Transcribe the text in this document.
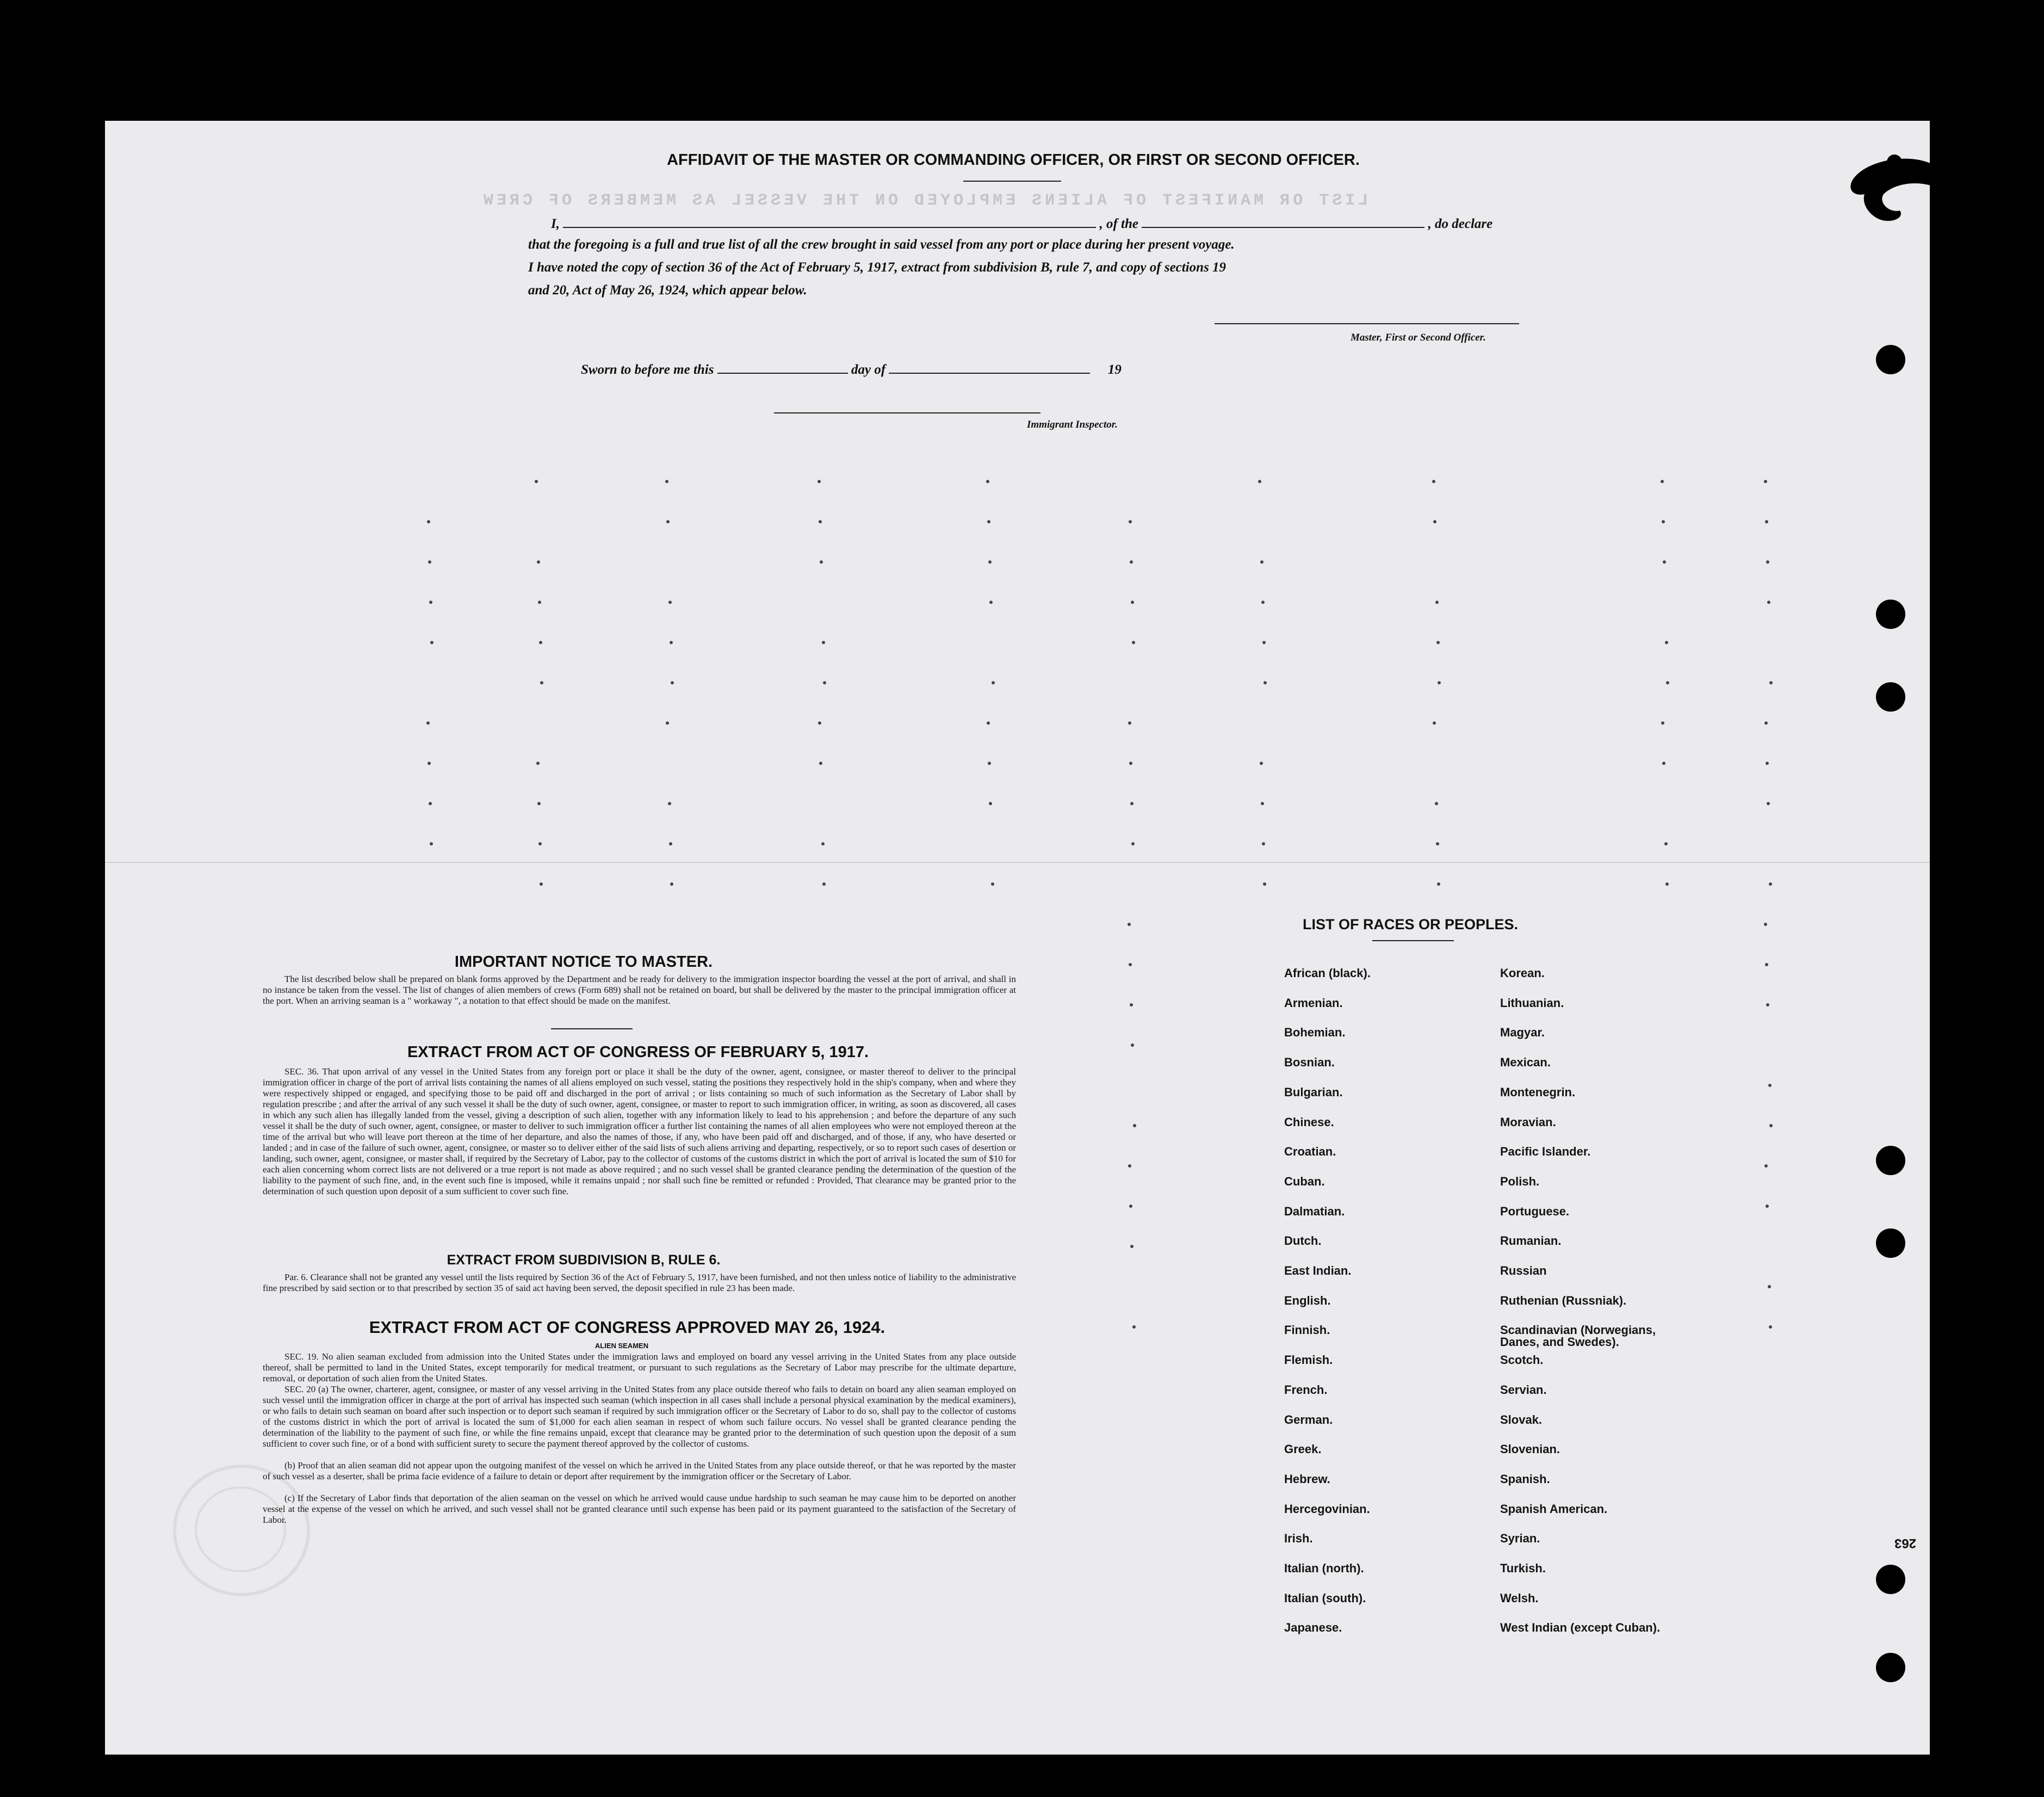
LIST OR MANIFEST OF ALIENS EMPLOYED ON THE VESSEL AS MEMBERS OF CREW
AFFIDAVIT OF THE MASTER OR COMMANDING OFFICER, OR FIRST OR SECOND OFFICER.
I,	, of the	, do declare
that the foregoing is a full and true list of all the crew brought in said vessel from any port or place during her present voyage.
I have noted the copy of section 36 of the Act of February 5, 1917, extract from subdivision B, rule 7, and copy of sections 19
and 20, Act of May 26, 1924, which appear below.
Master, First or Second Officer.
Sworn to before me this	day of	19
Immigrant Inspector.
IMPORTANT NOTICE TO MASTER.
The list described below shall be prepared on blank forms approved by the Department and be ready for delivery to the immigration inspector boarding the vessel at the port of arrival, and shall in no instance be taken from the vessel. The list of changes of alien members of crews (Form 689) shall not be retained on board, but shall be delivered by the master to the principal immigration officer at the port. When an arriving seaman is a " workaway ", a notation to that effect should be made on the manifest.
EXTRACT FROM ACT OF CONGRESS OF FEBRUARY 5, 1917.
SEC. 36. That upon arrival of any vessel in the United States from any foreign port or place it shall be the duty of the owner, agent, consignee, or master thereof to deliver to the principal immigration officer in charge of the port of arrival lists containing the names of all aliens employed on such vessel, stating the positions they respectively hold in the ship's company, when and where they were respectively shipped or engaged, and specifying those to be paid off and discharged in the port of arrival ; or lists containing so much of such information as the Secretary of Labor shall by regulation prescribe ; and after the arrival of any such vessel it shall be the duty of such owner, agent, consignee, or master to report to such immigration officer, in writing, as soon as discovered, all cases in which any such alien has illegally landed from the vessel, giving a description of such alien, together with any information likely to lead to his apprehension ; and before the departure of any such vessel it shall be the duty of such owner, agent, consignee, or master to deliver to such immigration officer a further list containing the names of all alien employees who were not employed thereon at the time of the arrival but who will leave port thereon at the time of her departure, and also the names of those, if any, who have been paid off and discharged, and of those, if any, who have deserted or landed ; and in case of the failure of such owner, agent, consignee, or master so to deliver either of the said lists of such aliens arriving and departing, respectively, or so to report such cases of desertion or landing, such owner, agent, consignee, or master shall, if required by the Secretary of Labor, pay to the collector of customs of the customs district in which the port of arrival is located the sum of $10 for each alien concerning whom correct lists are not delivered or a true report is not made as above required ; and no such vessel shall be granted clearance pending the determination of the question of the liability to the payment of such fine, and, in the event such fine is imposed, while it remains unpaid ; nor shall such fine be remitted or refunded : Provided, That clearance may be granted prior to the determination of such question upon deposit of a sum sufficient to cover such fine.
EXTRACT FROM SUBDIVISION B, RULE 6.
Par. 6. Clearance shall not be granted any vessel until the lists required by Section 36 of the Act of February 5, 1917, have been furnished, and not then unless notice of liability to the administrative fine prescribed by said section or to that prescribed by section 35 of said act having been served, the deposit specified in rule 23 has been made.
EXTRACT FROM ACT OF CONGRESS APPROVED MAY 26, 1924.
ALIEN SEAMEN
SEC. 19. No alien seaman excluded from admission into the United States under the immigration laws and employed on board any vessel arriving in the United States from any place outside thereof, shall be permitted to land in the United States, except temporarily for medical treatment, or pursuant to such regulations as the Secretary of Labor may prescribe for the ultimate departure, removal, or deportation of such alien from the United States.
SEC. 20 (a) The owner, charterer, agent, consignee, or master of any vessel arriving in the United States from any place outside thereof who fails to detain on board any alien seaman employed on such vessel until the immigration officer in charge at the port of arrival has inspected such seaman (which inspection in all cases shall include a personal physical examination by the medical examiners), or who fails to detain such seaman on board after such inspection or to deport such seaman if required by such immigration officer or the Secretary of Labor to do so, shall pay to the collector of customs of the customs district in which the port of arrival is located the sum of $1,000 for each alien seaman in respect of whom such failure occurs. No vessel shall be granted clearance pending the determination of the liability to the payment of such fine, or while the fine remains unpaid, except that clearance may be granted prior to the determination of such question upon the deposit of a sum sufficient to cover such fine, or of a bond with sufficient surety to secure the payment thereof approved by the collector of customs.
(b) Proof that an alien seaman did not appear upon the outgoing manifest of the vessel on which he arrived in the United States from any place outside thereof, or that he was reported by the master of such vessel as a deserter, shall be prima facie evidence of a failure to detain or deport after requirement by the immigration officer or the Secretary of Labor.
(c) If the Secretary of Labor finds that deportation of the alien seaman on the vessel on which he arrived would cause undue hardship to such seaman he may cause him to be deported on another vessel at the expense of the vessel on which he arrived, and such vessel shall not be granted clearance until such expense has been paid or its payment guaranteed to the satisfaction of the Secretary of Labor.
LIST OF RACES OR PEOPLES.
African (black).
Armenian.
Bohemian.
Bosnian.
Bulgarian.
Chinese.
Croatian.
Cuban.
Dalmatian.
Dutch.
East Indian.
English.
Finnish.
Flemish.
French.
German.
Greek.
Hebrew.
Hercegovinian.
Irish.
Italian (north).
Italian (south).
Japanese.
Korean.
Lithuanian.
Magyar.
Mexican.
Montenegrin.
Moravian.
Pacific Islander.
Polish.
Portuguese.
Rumanian.
Russian
Ruthenian (Russniak).
Scandinavian (Norwegians,
Danes, and Swedes).
Scotch.
Servian.
Slovak.
Slovenian.
Spanish.
Spanish American.
Syrian.
Turkish.
Welsh.
West Indian (except Cuban).
263
